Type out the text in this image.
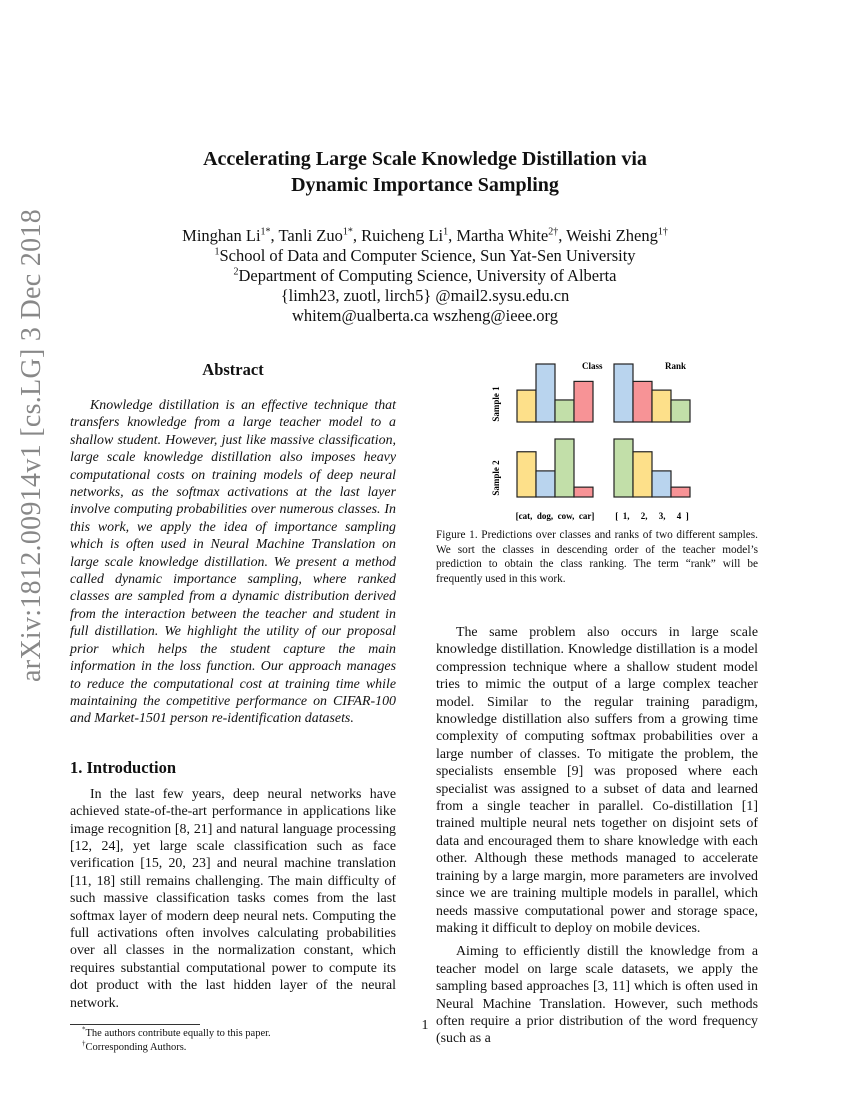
arXiv:1812.00914v1 [cs.LG] 3 Dec 2018
Accelerating Large Scale Knowledge Distillation via
Dynamic Importance Sampling
Minghan $Li^{1*}$, Tanli Zuo$^{1*}$, Ruicheng Li$^1$, Martha White$^{2\dagger}$, Weishi Zheng$^{1\dagger}$
$^1$School of Data and Computer Science, Sun Yat-Sen University
$^2$Department of Computing Science, University of Alberta
{limh23, zuotl, lirch5} @mail2.sysu.edu.cn
whitem@ualberta.ca wszheng@ieee.org
Abstract

Knowledge distillation is an effective technique that transfers knowledge from a large teacher model to a shallow student. However, just like massive classification, large scale knowledge distillation also imposes heavy computational costs on training models of deep neural networks, as the softmax activations at the last layer involve computing probabilities over numerous classes. In this work, we apply the idea of importance sampling which is often used in Neural Machine Translation on large scale knowledge distillation. We present a method called dynamic importance sampling, where ranked classes are sampled from a dynamic distribution derived from the interaction between the teacher and student in full distillation. We highlight the utility of our proposal prior which helps the student capture the main information in the loss function. Our approach manages to reduce the computational cost at training time while maintaining the competitive performance on CIFAR-100 and Market-1501 person re-identification datasets.

1. Introduction

In the last few years, deep neural networks have achieved state-of-the-art performance in applications like image recognition [8, 21] and natural language processing [12, 24], yet large scale classification such as face verification [15, 20, 23] and neural machine translation [11, 18] still remains challenging. The main difficulty of such massive classification tasks comes from the last softmax layer of modern deep neural nets. Computing the full activations often involves calculating probabilities over all classes in the normalization constant, which requires substantial computational power to compute its dot product with the last hidden layer of the neural network.

*The authors contribute equally to this paper.
†Corresponding Authors.
Class	Rank
Sample 1
Sample 2
[cat,  dog,  cow,  car] [  1,     2,     3,     4  ]
Figure 1. Predictions over classes and ranks of two different samples. We sort the classes in descending order of the teacher model’s prediction to obtain the class ranking. The term “rank” will be frequently used in this work.

The same problem also occurs in large scale knowledge distillation. Knowledge distillation is a model compression technique where a shallow student model tries to mimic the output of a large complex teacher model. Similar to the regular training paradigm, knowledge distillation also suffers from a growing time complexity of computing softmax probabilities over a large number of classes. To mitigate the problem, the specialists ensemble [9] was proposed where each specialist was assigned to a subset of data and learned from a single teacher in parallel. Co-distillation [1] trained multiple neural nets together on disjoint sets of data and encouraged them to share knowledge with each other. Although these methods managed to accelerate training by a large margin, more parameters are involved since we are training multiple models in parallel, which needs massive computational power and storage space, making it difficult to deploy on mobile devices.

Aiming to efficiently distill the knowledge from a teacher model on large scale datasets, we apply the sampling based approaches [3, 11] which is often used in Neural Machine Translation. However, such methods often require a prior distribution of the word frequency (such as a

1
